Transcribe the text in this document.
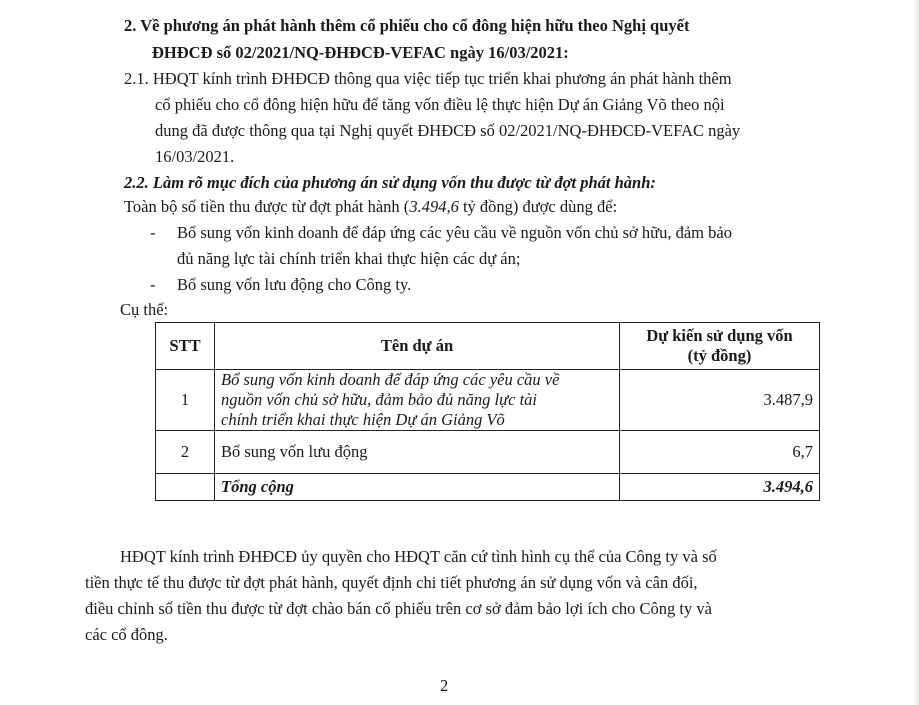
2. Về phương án phát hành thêm cổ phiếu cho cổ đông hiện hữu theo Nghị quyết
ĐHĐCĐ số 02/2021/NQ-ĐHĐCĐ-VEFAC ngày 16/03/2021:
2.1. HĐQT kính trình ĐHĐCĐ thông qua việc tiếp tục triển khai phương án phát hành thêm
cổ phiếu cho cổ đông hiện hữu để tăng vốn điều lệ thực hiện Dự án Giảng Võ theo nội
dung đã được thông qua tại Nghị quyết ĐHĐCĐ số 02/2021/NQ-ĐHĐCĐ-VEFAC ngày
16/03/2021.
2.2. Làm rõ mục đích của phương án sử dụng vốn thu được từ đợt phát hành:
Toàn bộ số tiền thu được từ đợt phát hành (3.494,6 tỷ đồng) được dùng để:
- Bổ sung vốn kinh doanh để đáp ứng các yêu cầu về nguồn vốn chủ sở hữu, đảm bảo
đủ năng lực tài chính triển khai thực hiện các dự án;
- Bổ sung vốn lưu động cho Công ty.
Cụ thể:
STT	Tên dự án	Dự kiến sử dụng vốn
(tỷ đồng)

1	Bổ sung vốn kinh doanh để đáp ứng các yêu cầu về
nguồn vốn chủ sở hữu, đảm bảo đủ năng lực tài
chính triển khai thực hiện Dự án Giảng Võ	3.487,9
2	Bổ sung vốn lưu động	6,7
	Tổng cộng	3.494,6
HĐQT kính trình ĐHĐCĐ ủy quyền cho HĐQT căn cứ tình hình cụ thể của Công ty và số
tiền thực tế thu được từ đợt phát hành, quyết định chi tiết phương án sử dụng vốn và cân đối,
điều chỉnh số tiền thu được từ đợt chào bán cổ phiếu trên cơ sở đảm bảo lợi ích cho Công ty và
các cổ đông.
2
